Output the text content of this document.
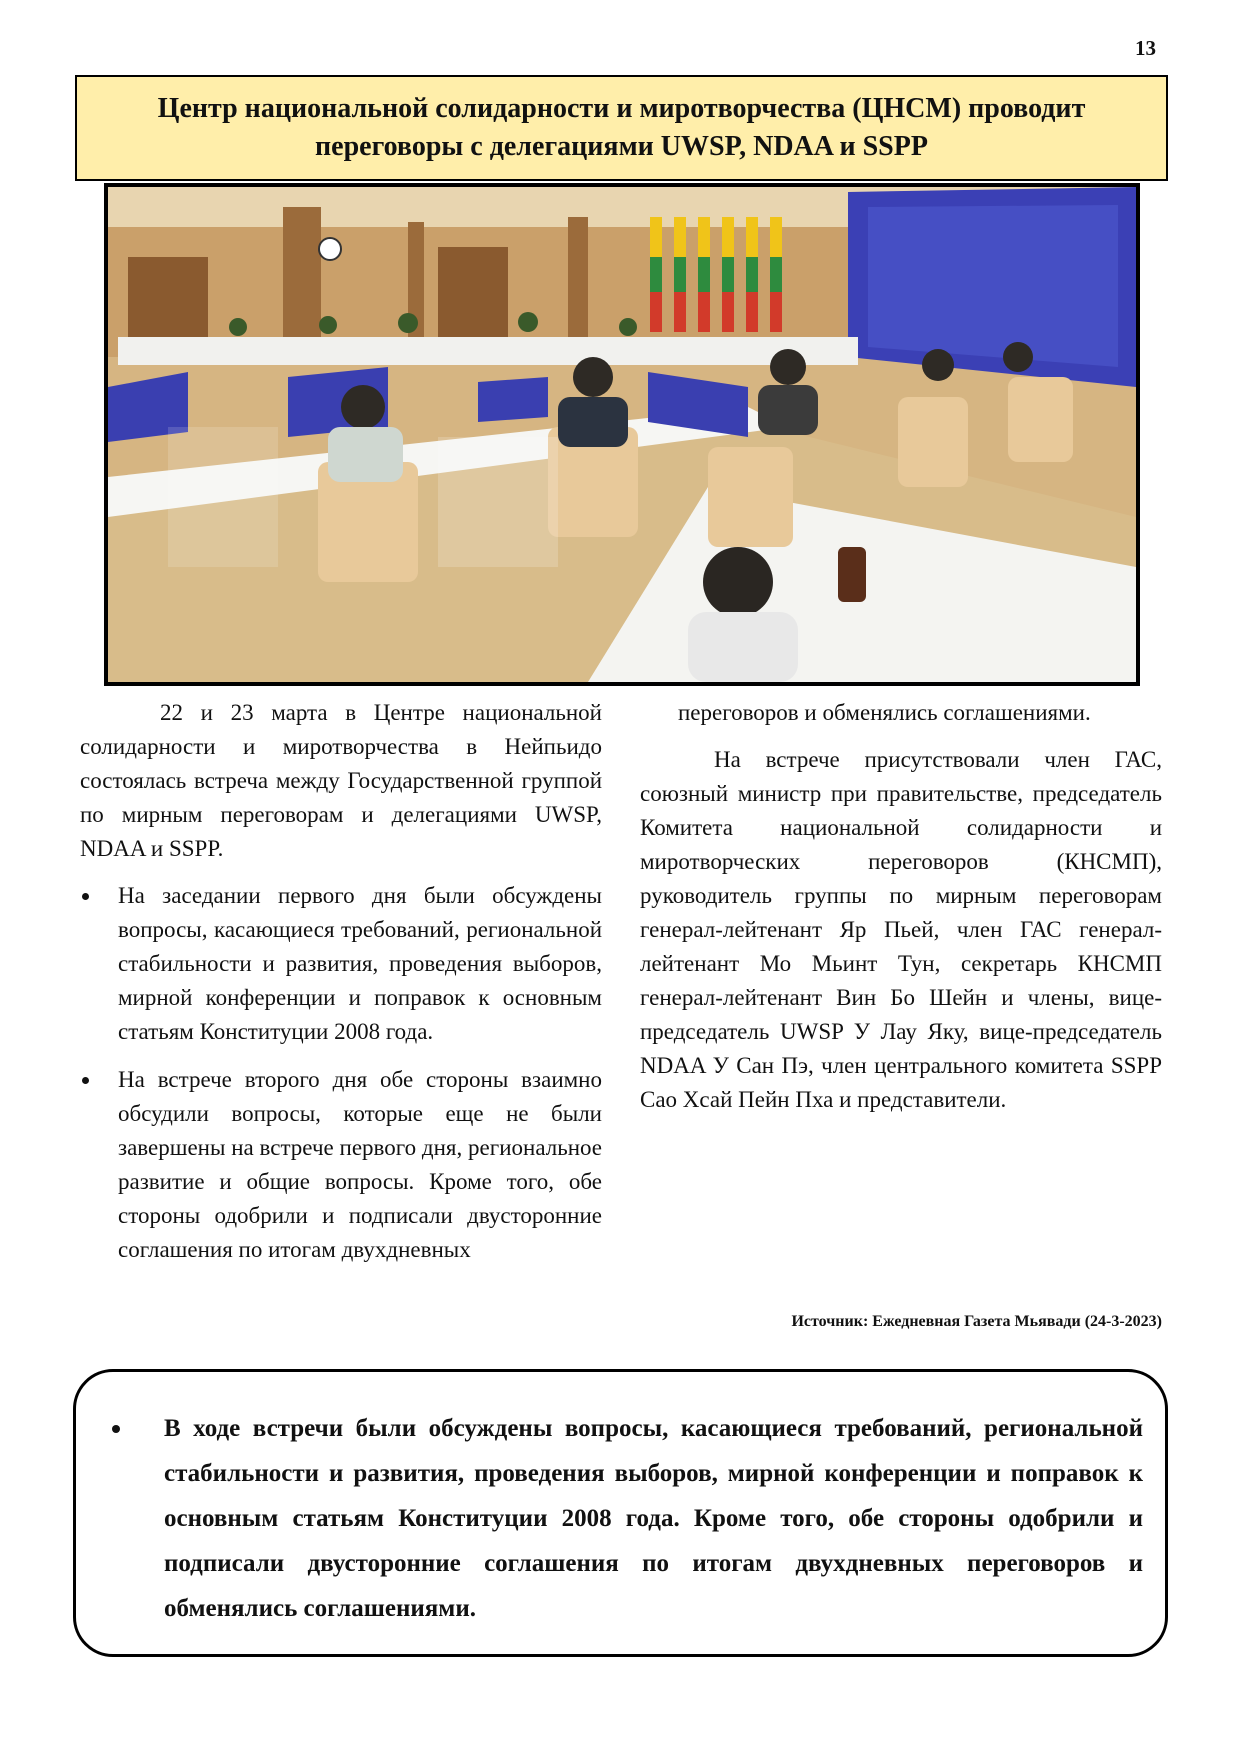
13
Центр национальной солидарности и миротворчества (ЦНСМ) проводит переговоры с делегациями UWSP, NDAA и SSPP

22 и 23 марта в Центре национальной солидарности и миротворчества в Нейпьидо состоялась встреча между Государственной группой по мирным переговорам и делегациями UWSP, NDAA и SSPP.

На заседании первого дня были обсуждены вопросы, касающиеся требований, региональной стабильности и развития, проведения выборов, мирной конференции и поправок к основным статьям Конституции 2008 года.
На встрече второго дня обе стороны взаимно обсудили вопросы, которые еще не были завершены на встрече первого дня, региональное развитие и общие вопросы. Кроме того, обе стороны одобрили и подписали двусторонние соглашения по итогам двухдневных

переговоров и обменялись соглашениями.

На встрече присутствовали член ГАС, союзный министр при правительстве, председатель Комитета национальной солидарности и миротворческих переговоров (КНСМП), руководитель группы по мирным переговорам генерал-лейтенант Яр Пьей, член ГАС генерал-лейтенант Мо Мьинт Тун, секретарь КНСМП генерал-лейтенант Вин Бо Шейн и члены, вице-председатель UWSP У Лау Яку, вице-председатель NDAA У Сан Пэ, член центрального комитета SSPP Сао Хсай Пейн Пха и представители.

Источник: Ежедневная Газета Мьявади (24-3-2023)

В ходе встречи были обсуждены вопросы, касающиеся требований, региональной стабильности и развития, проведения выборов, мирной конференции и поправок к основным статьям Конституции 2008 года. Кроме того, обе стороны одобрили и подписали двусторонние соглашения по итогам двухдневных переговоров и обменялись соглашениями.
